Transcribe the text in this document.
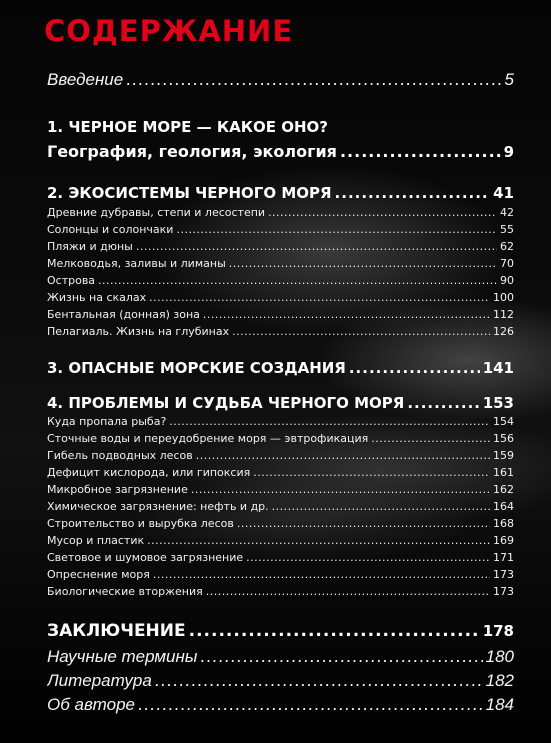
СОДЕРЖАНИЕ
Введение .....	5
1. ЧЕРНОЕ МОРЕ — КАКОЕ ОНО?
География, геология, экология .....	9
2. ЭКОСИСТЕМЫ ЧЕРНОГО МОРЯ .....	41
Древние дубравы, степи и лесостепи .....	42
Солонцы и солончаки .....	55
Пляжи и дюны .....	62
Мелководья, заливы и лиманы .....	70
Острова .....	90
Жизнь на скалах .....	100
Бентальная (донная) зона .....	112
Пелагиаль. Жизнь на глубинах .....	126
3. ОПАСНЫЕ МОРСКИЕ СОЗДАНИЯ .....	141
4. ПРОБЛЕМЫ И СУДЬБА ЧЕРНОГО МОРЯ .....	153
Куда пропала рыба? .....	154
Сточные воды и переудобрение моря — эвтрофикация .....	156
Гибель подводных лесов .....	159
Дефицит кислорода, или гипоксия .....	161
Микробное загрязнение .....	162
Химическое загрязнение: нефть и др. .....	164
Строительство и вырубка лесов .....	168
Мусор и пластик .....	169
Световое и шумовое загрязнение .....	171
Опреснение моря .....	173
Биологические вторжения .....	173
ЗАКЛЮЧЕНИЕ .....	178
Научные термины .....	180
Литература .....	182
Об авторе .....	184
